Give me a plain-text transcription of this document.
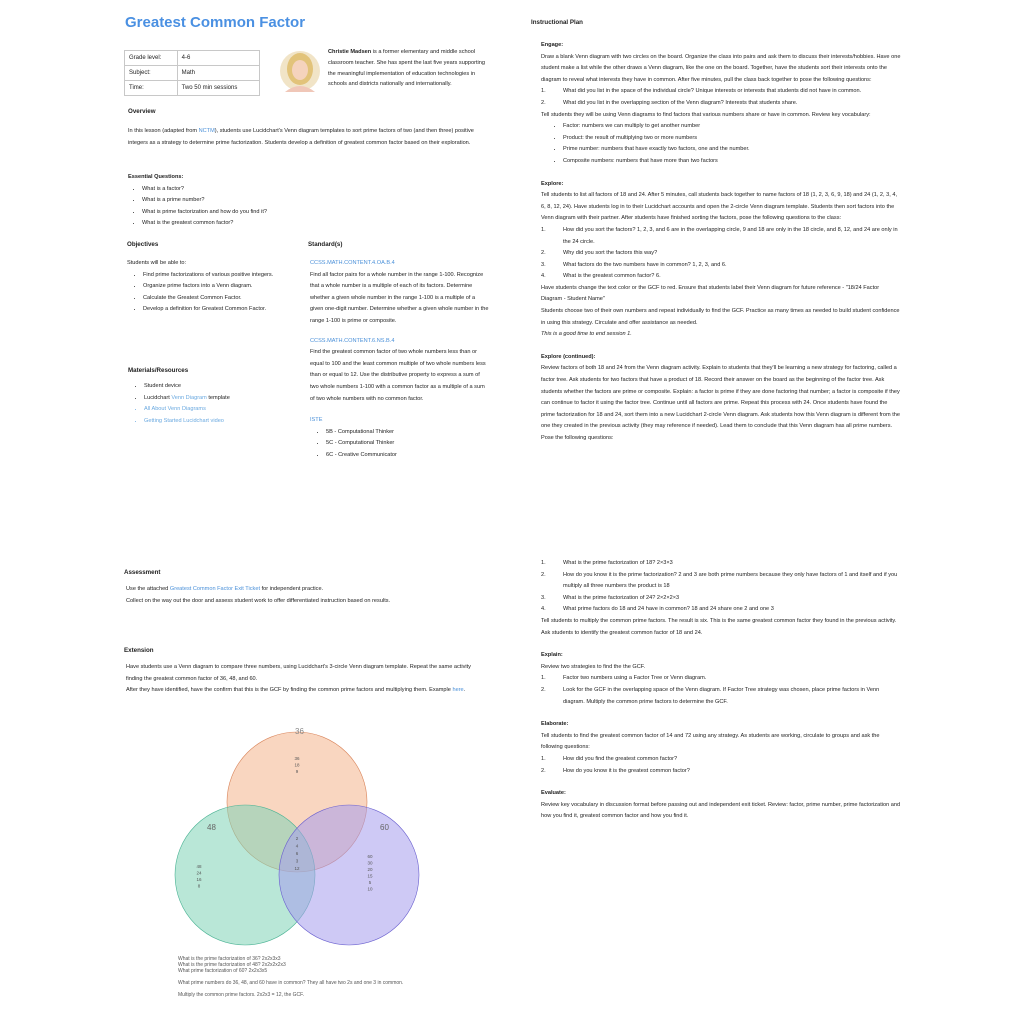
Greatest Common Factor
Grade level:	4-6
Subject:	Math
Time:	Two 50 min sessions
Christie Madsen is a former elementary and middle school classroom teacher. She has spent the last five years supporting the meaningful implementation of education technologies in schools and districts nationally and internationally.
Overview
In this lesson (adapted from NCTM), students use Lucidchart's Venn diagram templates to sort prime factors of two (and then three) positive integers as a strategy to determine prime factorization. Students develop a definition of greatest common factor based on their exploration.
Essential Questions:
• What is a factor?
• What is a prime number?
• What is prime factorization and how do you find it?
• What is the greatest common factor?
Objectives
Students will be able to:
• Find prime factorizations of various positive integers.
• Organize prime factors into a Venn diagram.
• Calculate the Greatest Common Factor.
• Develop a definition for Greatest Common Factor.
Materials/Resources
• Student device
• Lucidchart Venn Diagram template
• All About Venn Diagrams
• Getting Started Lucidchart video
Standard(s)
CCSS.MATH.CONTENT.4.OA.B.4

Find all factor pairs for a whole number in the range 1-100. Recognize that a whole number is a multiple of each of its factors. Determine whether a given whole number in the range 1-100 is a multiple of a given one-digit number. Determine whether a given whole number in the range 1-100 is prime or composite.

CCSS.MATH.CONTENT.6.NS.B.4

Find the greatest common factor of two whole numbers less than or equal to 100 and the least common multiple of two whole numbers less than or equal to 12. Use the distributive property to express a sum of two whole numbers 1-100 with a common factor as a multiple of a sum of two whole numbers with no common factor.

ISTE
• 5B - Computational Thinker
• 5C - Computational Thinker
• 6C - Creative Communicator
Assessment
Use the attached Greatest Common Factor Exit Ticket for independent practice.
Collect on the way out the door and assess student work to offer differentiated instruction based on results.
Extension

Have students use a Venn diagram to compare three numbers, using Lucidchart's 3-circle Venn diagram template. Repeat the same activity finding the greatest common factor of 36, 48, and 60.

After they have identified, have the confirm that this is the GCF by finding the common prime factors and multiplying them. Example here.

36
48	60
36
18
9
2
4
6
3
12
48
24
16
8
60
30
20
15
5
10
What is the prime factorization of 36? 2x2x3x3
What is the prime factorization of 48? 2x2x2x2x3
What prime factorization of 60? 2x2x3x5
What prime numbers do 36, 48, and 60 have in common? They all have two 2s and one 3 in common.
Multiply the common prime factors. 2x2x3 = 12, the GCF.
Instructional Plan
Engage:

Draw a blank Venn diagram with two circles on the board. Organize the class into pairs and ask them to discuss their interests/hobbies. Have one student make a list while the other draws a Venn diagram, like the one on the board. Together, have the students sort their interests onto the diagram to reveal what interests they have in common. After five minutes, pull the class back together to pose the following questions:

1.	What did you list in the space of the individual circle? Unique interests or interests that students did not have in common.
2.	What did you list in the overlapping section of the Venn diagram? Interests that students share.

Tell students they will be using Venn diagrams to find factors that various numbers share or have in common. Review key vocabulary:

• Factor: numbers we can multiply to get another number
• Product: the result of multiplying two or more numbers
• Prime number: numbers that have exactly two factors, one and the number.
• Composite numbers: numbers that have more than two factors
Explore:

Tell students to list all factors of 18 and 24. After 5 minutes, call students back together to name factors of 18 (1, 2, 3, 6, 9, 18) and 24 (1, 2, 3, 4, 6, 8, 12, 24). Have students log in to their Lucidchart accounts and open the 2-circle Venn diagram template. Students then sort factors into the Venn diagram with their partner. After students have finished sorting the factors, pose the following questions to the class:

1.	How did you sort the factors? 1, 2, 3, and 6 are in the overlapping circle, 9 and 18 are only in the 18 circle, and 8, 12, and 24 are only in the 24 circle.
2.	Why did you sort the factors this way?
3.	What factors do the two numbers have in common? 1, 2, 3, and 6.
4.	What is the greatest common factor? 6.

Have students change the text color or the GCF to red. Ensure that students label their Venn diagram for future reference - "18/24 Factor Diagram - Student Name"

Students choose two of their own numbers and repeat individually to find the GCF. Practice as many times as needed to build student confidence in using this strategy. Circulate and offer assistance as needed.

This is a good time to end session 1.

Explore (continued):

Review factors of both 18 and 24 from the Venn diagram activity. Explain to students that they'll be learning a new strategy for factoring, called a factor tree. Ask students for two factors that have a product of 18. Record their answer on the board as the beginning of the factor tree. Ask students whether the factors are prime or composite. Explain: a factor is prime if they are done factoring that number; a factor is composite if they can continue to factor it using the factor tree. Continue until all factors are prime. Repeat this process with 24. Once students have found the prime factorization for 18 and 24, sort them into a new Lucidchart 2-circle Venn diagram. Ask students how this Venn diagram is different from the one they created in the previous activity (they may reference if needed). Lead them to conclude that this Venn diagram has all prime numbers. Pose the following questions:

1.	What is the prime factorization of 18? 2×3×3
2.	How do you know it is the prime factorization? 2 and 3 are both prime numbers because they only have factors of 1 and itself and if you multiply all three numbers the product is 18
3.	What is the prime factorization of 24? 2×2×2×3
4.	What prime factors do 18 and 24 have in common? 18 and 24 share one 2 and one 3

Tell students to multiply the common prime factors. The result is six. This is the same greatest common factor they found in the previous activity. Ask students to identify the greatest common factor of 18 and 24.

Explain:

Review two strategies to find the the GCF.

1.	Factor two numbers using a Factor Tree or Venn diagram.
2.	Look for the GCF in the overlapping space of the Venn diagram. If Factor Tree strategy was chosen, place prime factors in Venn diagram. Multiply the common prime factors to determine the GCF.
Elaborate:

Tell students to find the greatest common factor of 14 and 72 using any strategy. As students are working, circulate to groups and ask the following questions:

1.	How did you find the greatest common factor?
2.	How do you know it is the greatest common factor?
Evaluate:

Review key vocabulary in discussion format before passing out and independent exit ticket. Review: factor, prime number, prime factorization and how you find it, greatest common factor and how you find it.
